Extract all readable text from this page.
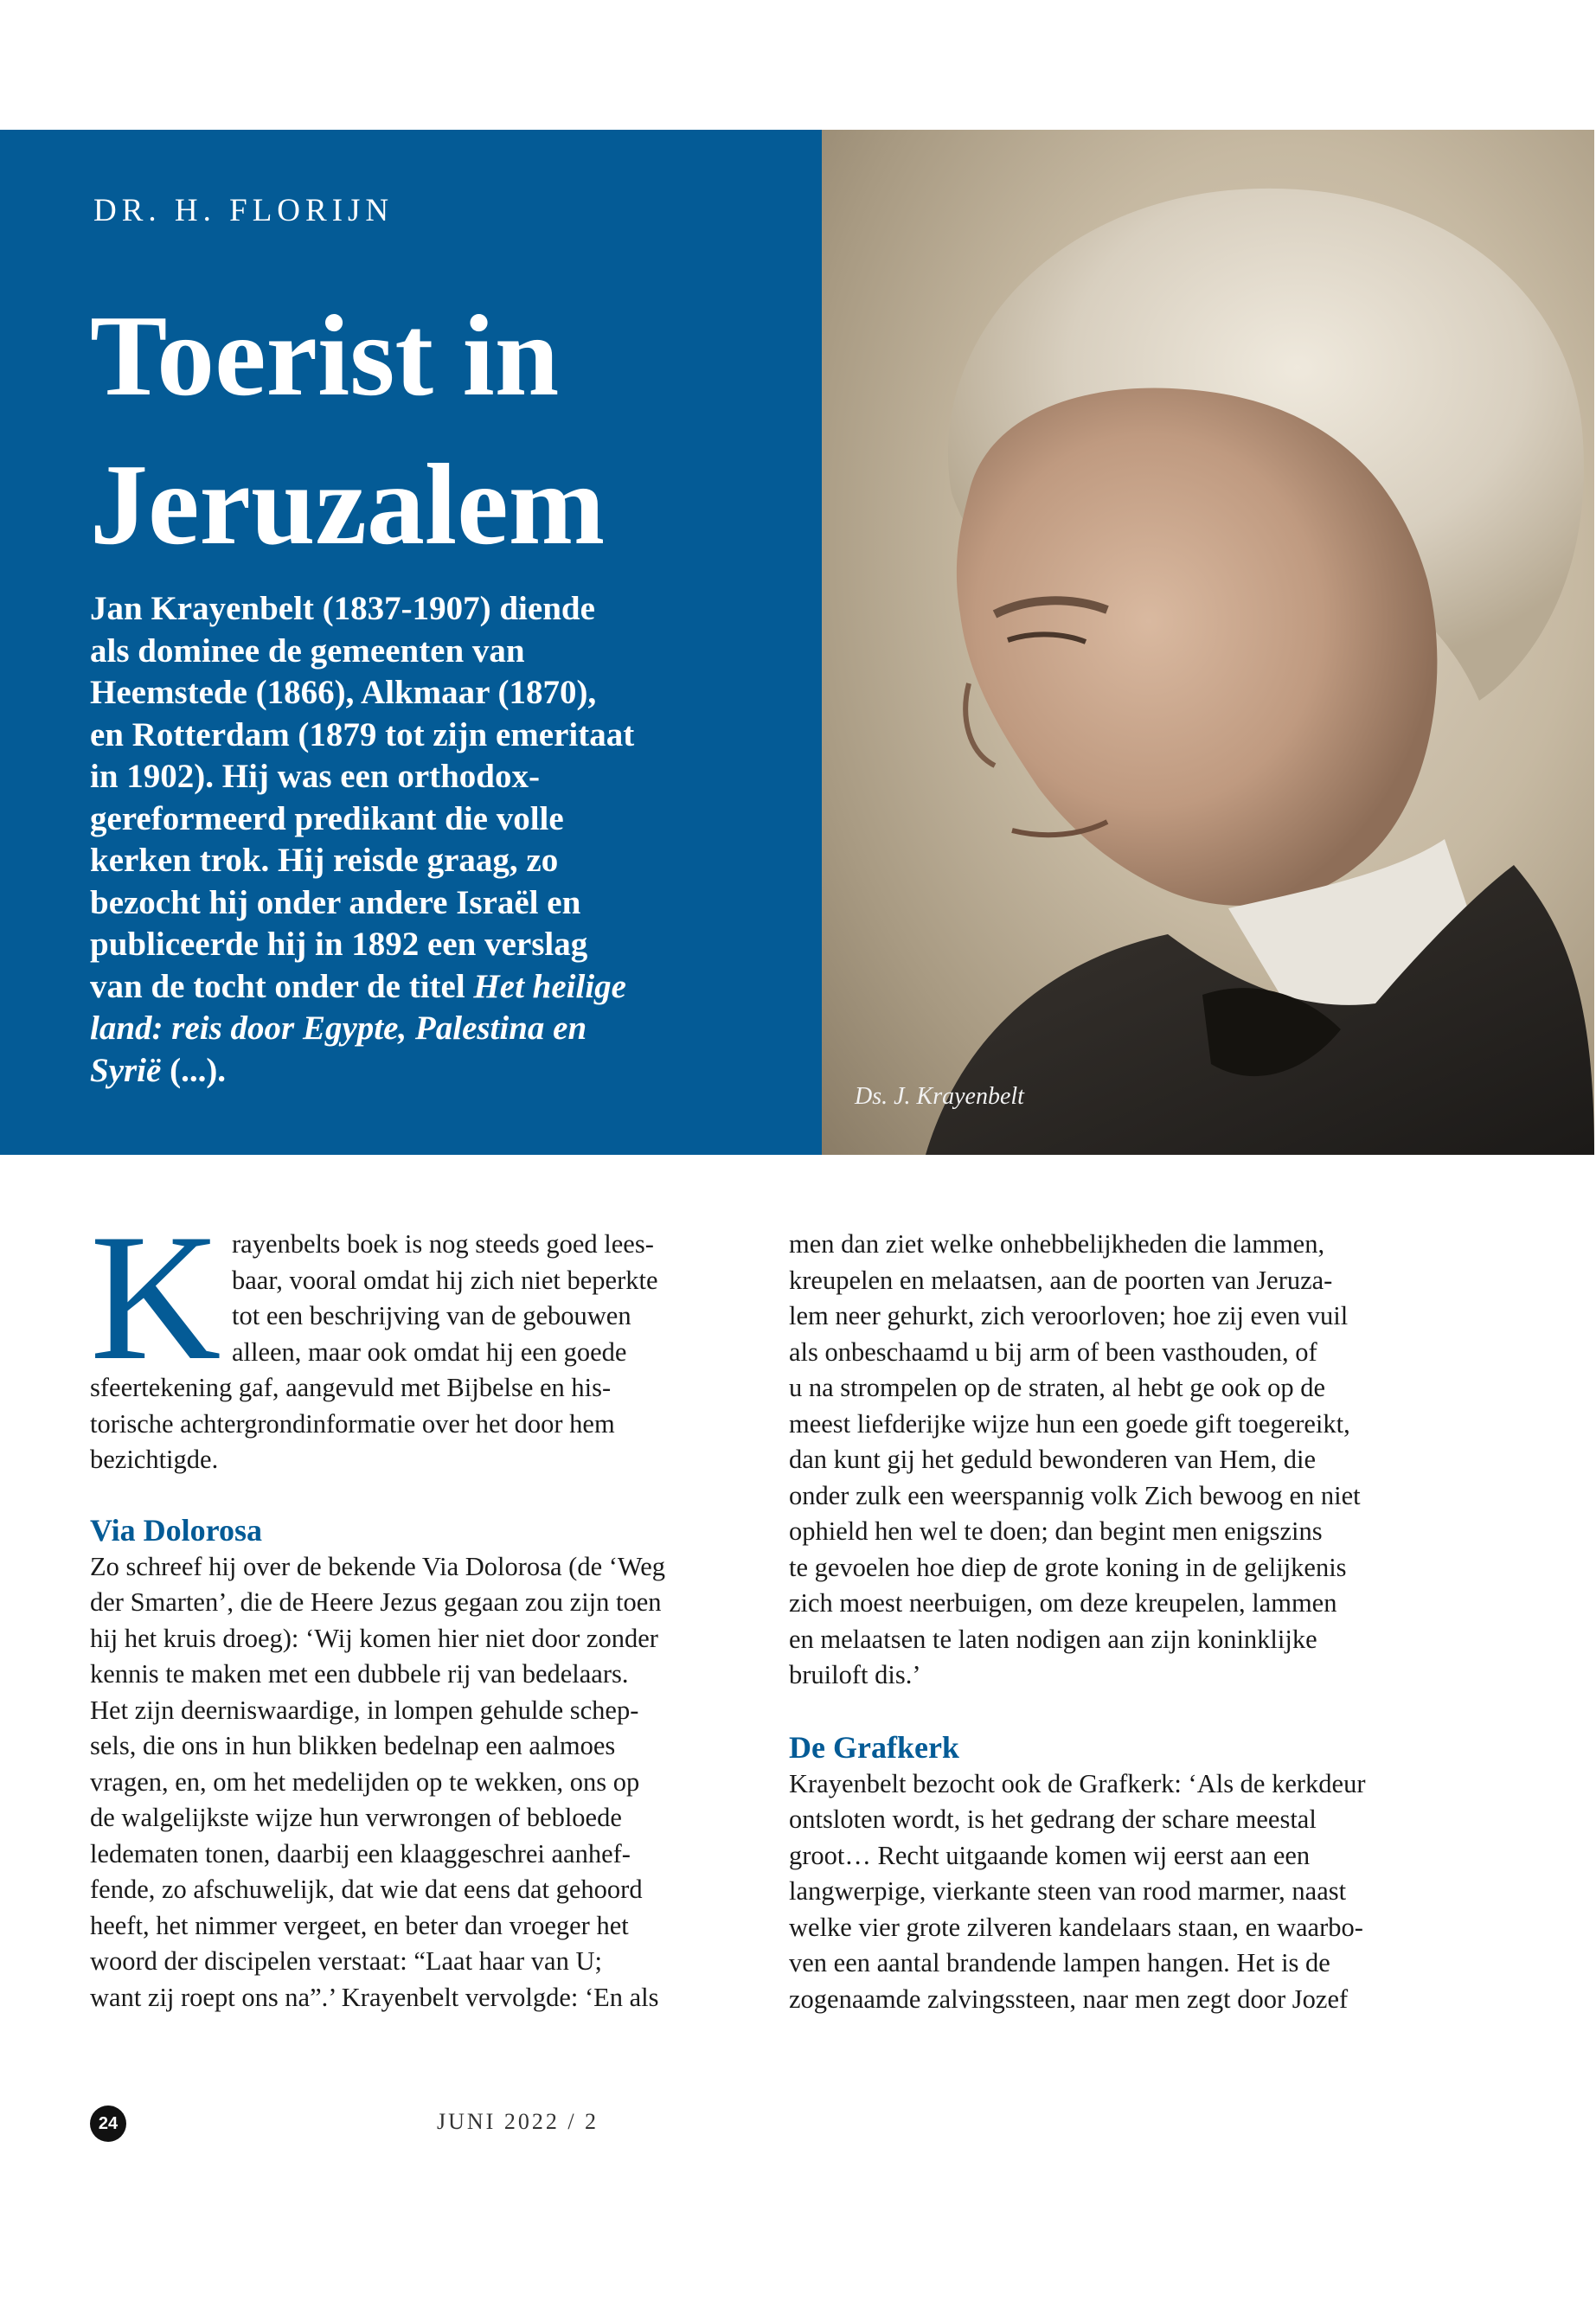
DR. H. FLORIJN
Toerist in
Jeruzalem

Jan Krayenbelt (1837-1907) diende
als dominee de gemeenten van
Heemstede (1866), Alkmaar (1870),
en Rotterdam (1879 tot zijn emeritaat
in 1902). Hij was een orthodox-
gereformeerd predikant die volle
kerken trok. Hij reisde graag, zo
bezocht hij onder andere Israël en
publiceerde hij in 1892 een verslag
van de tocht onder de titel Het heilige
land: reis door Egypte, Palestina en
Syrië (...).

Ds. J. Krayenbelt
K rayenbelts boek is nog steeds goed lees-
baar, vooral omdat hij zich niet beperkte
tot een beschrijving van de gebouwen
alleen, maar ook omdat hij een goede
sfeertekening gaf, aangevuld met Bijbelse en his-
torische achtergrondinformatie over het door hem
bezichtigde.

Via Dolorosa

Zo schreef hij over de bekende Via Dolorosa (de ‘Weg
der Smarten’, die de Heere Jezus gegaan zou zijn toen
hij het kruis droeg): ‘Wij komen hier niet door zonder
kennis te maken met een dubbele rij van bedelaars.
Het zijn deerniswaardige, in lompen gehulde schep-
sels, die ons in hun blikken bedelnap een aalmoes
vragen, en, om het medelijden op te wekken, ons op
de walgelijkste wijze hun verwrongen of bebloede
ledematen tonen, daarbij een klaaggeschrei aanhef-
fende, zo afschuwelijk, dat wie dat eens dat gehoord
heeft, het nimmer vergeet, en beter dan vroeger het
woord der discipelen verstaat: “Laat haar van U;
want zij roept ons na”.’ Krayenbelt vervolgde: ‘En als

men dan ziet welke onhebbelijkheden die lammen,
kreupelen en melaatsen, aan de poorten van Jeruza-
lem neer gehurkt, zich veroorloven; hoe zij even vuil
als onbeschaamd u bij arm of been vasthouden, of
u na strompelen op de straten, al hebt ge ook op de
meest liefderijke wijze hun een goede gift toegereikt,
dan kunt gij het geduld bewonderen van Hem, die
onder zulk een weerspannig volk Zich bewoog en niet
ophield hen wel te doen; dan begint men enigszins
te gevoelen hoe diep de grote koning in de gelijkenis
zich moest neerbuigen, om deze kreupelen, lammen
en melaatsen te laten nodigen aan zijn koninklijke
bruiloft dis.’

De Grafkerk

Krayenbelt bezocht ook de Grafkerk: ‘Als de kerkdeur
ontsloten wordt, is het gedrang der schare meestal
groot… Recht uitgaande komen wij eerst aan een
langwerpige, vierkante steen van rood marmer, naast
welke vier grote zilveren kandelaars staan, en waarbo-
ven een aantal brandende lampen hangen. Het is de
zogenaamde zalvingssteen, naar men zegt door Jozef

24	JUNI 2022 / 2
